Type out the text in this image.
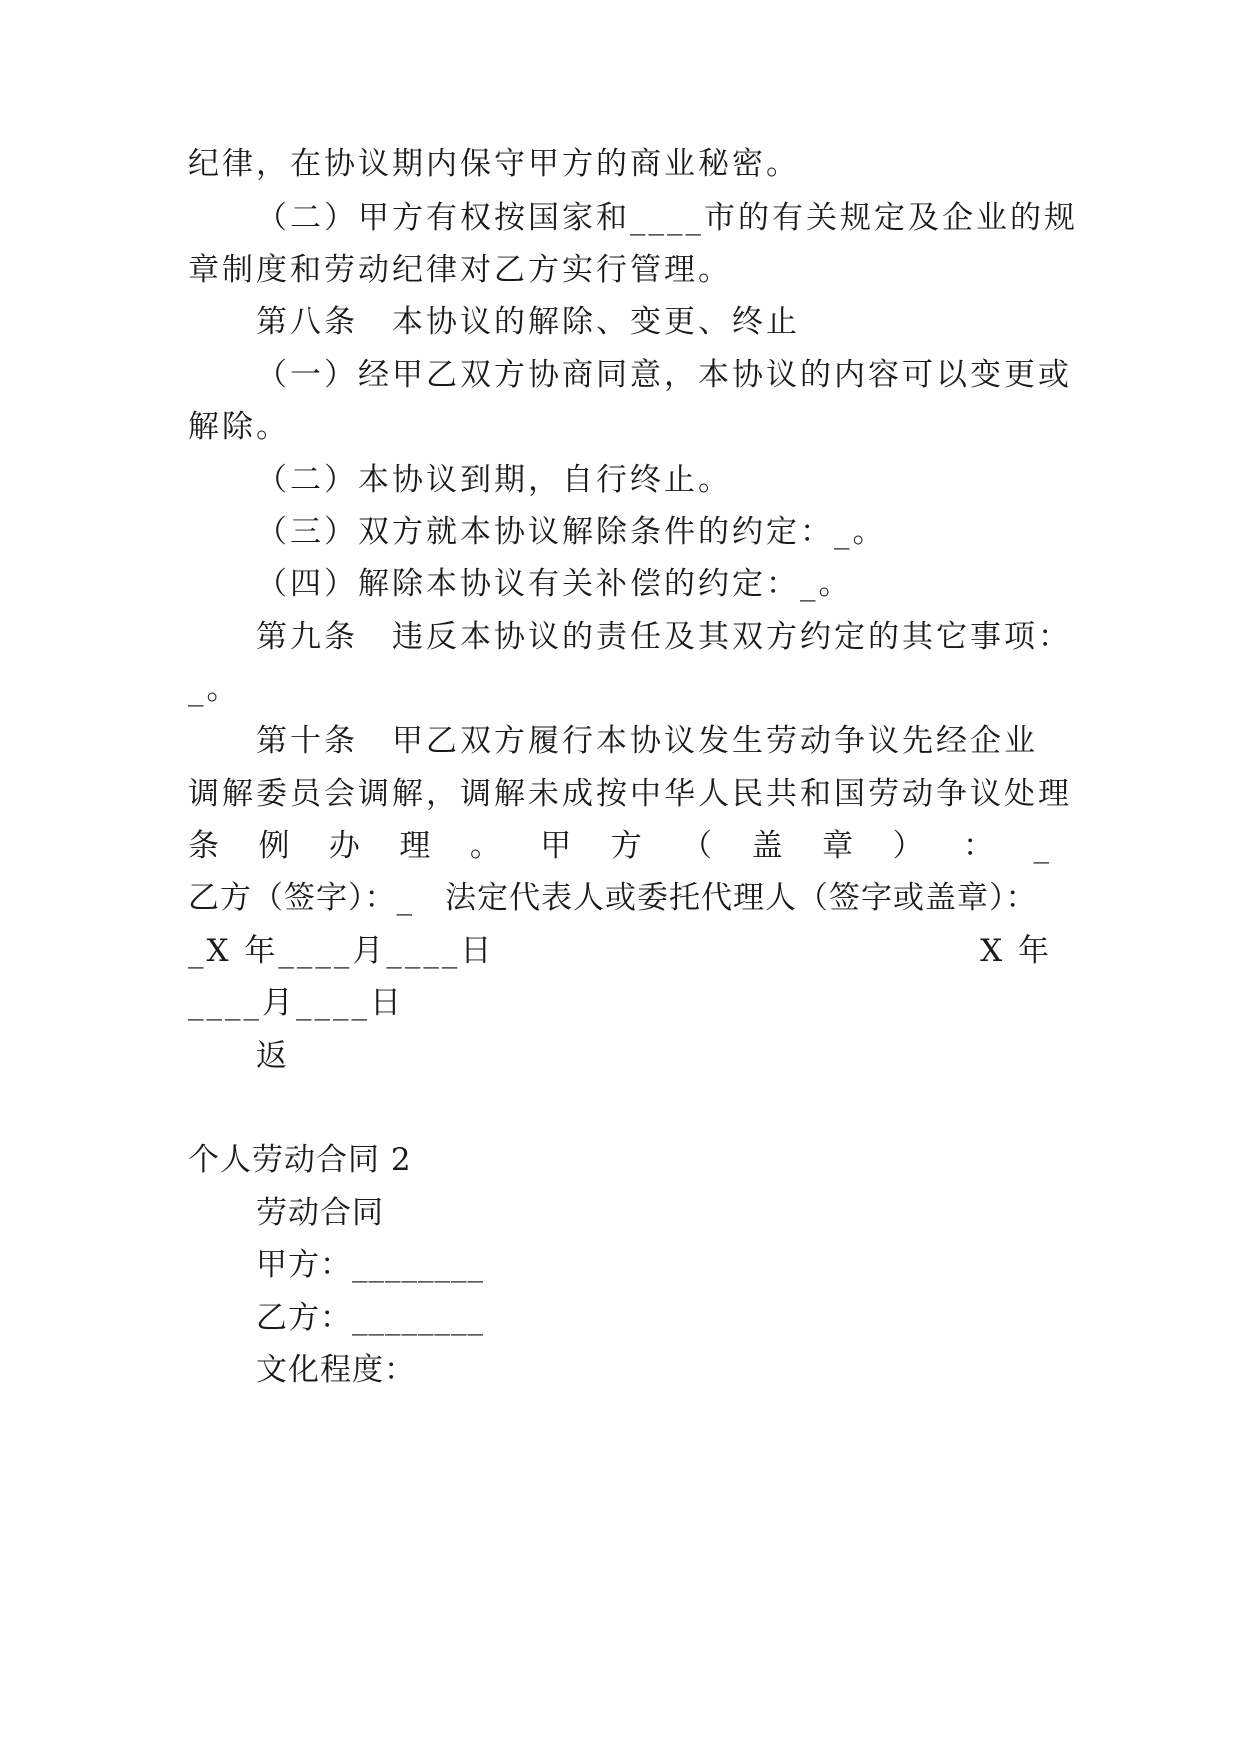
纪律，在协议期内保守甲方的商业秘密。

（二）甲方有权按国家和____市的有关规定及企业的规

章制度和劳动纪律对乙方实行管理。

第八条　本协议的解除、变更、终止

（一）经甲乙双方协商同意，本协议的内容可以变更或

解除。

（二）本协议到期，自行终止。

（三）双方就本协议解除条件的约定：_。

（四）解除本协议有关补偿的约定：_。

第九条　违反本协议的责任及其双方约定的其它事项：

_。

第十条　甲乙双方履行本协议发生劳动争议先经企业

调解委员会调解，调解未成按中华人民共和国劳动争议处理

条 例 办 理 。 甲 方 （ 盖 章 ） ： _

乙方（签字）：_　法定代表人或委托代理人（签字或盖章）：

_X 年____月____日	X 年

____月____日

返

个人劳动合同 2

劳动合同

甲方：________

乙方：________

文化程度：
